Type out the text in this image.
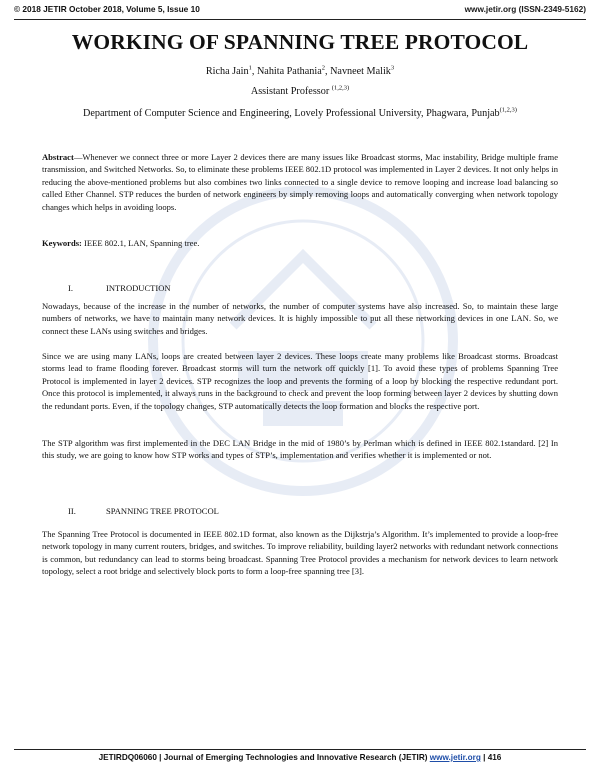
© 2018 JETIR October 2018, Volume 5, Issue 10	www.jetir.org (ISSN-2349-5162)
WORKING OF SPANNING TREE PROTOCOL
Richa Jain$^1$, Nahita Pathania$^2$, Navneet Malik$^3$
Assistant Professor $^{(1,2,3)}$
Department of Computer Science and Engineering, Lovely Professional University, Phagwara, Punjab$^{(1,2,3)}$
Abstract—Whenever we connect three or more Layer 2 devices there are many issues like Broadcast storms, Mac instability, Bridge multiple frame transmission, and Switched Networks. So, to eliminate these problems IEEE 802.1D protocol was implemented in Layer 2 devices. It not only helps in reducing the above-mentioned problems but also combines two links connected to a single device to remove looping and increase load balancing so called Ether Channel. STP reduces the burden of network engineers by simply removing loops and automatically converging when network topology changes which helps in avoiding loops.
Keywords: IEEE 802.1, LAN, Spanning tree.
I.	INTRODUCTION
Nowadays, because of the increase in the number of networks, the number of computer systems have also increased. So, to maintain these large numbers of networks, we have to maintain many network devices. It is highly impossible to put all these networking devices in one LAN. So, we connect these LANs using switches and bridges.
Since we are using many LANs, loops are created between layer 2 devices. These loops create many problems like Broadcast storms. Broadcast storms lead to frame flooding forever. Broadcast storms will turn the network off quickly [1]. To avoid these types of problems Spanning Tree Protocol is implemented in layer 2 devices. STP recognizes the loop and prevents the forming of a loop by blocking the respective redundant port. Once this protocol is implemented, it always runs in the background to check and prevent the loop forming between layer 2 devices by shutting down the redundant ports. Even, if the topology changes, STP automatically detects the loop formation and blocks the respective port.
The STP algorithm was first implemented in the DEC LAN Bridge in the mid of 1980’s by Perlman which is defined in IEEE 802.1standard. [2] In this study, we are going to know how STP works and types of STP’s, implementation and verifies whether it is implemented or not.
II.	SPANNING TREE PROTOCOL
The Spanning Tree Protocol is documented in IEEE 802.1D format, also known as the Dijkstrja’s Algorithm. It’s implemented to provide a loop-free network topology in many current routers, bridges, and switches. To improve reliability, building layer2 networks with redundant network connections is common, but redundancy can lead to storms being broadcast. Spanning Tree Protocol provides a mechanism for network devices to learn network topology, select a root bridge and selectively block ports to form a loop-free spanning tree [3].
JETIRDQ06060 | Journal of Emerging Technologies and Innovative Research (JETIR) www.jetir.org | 416
